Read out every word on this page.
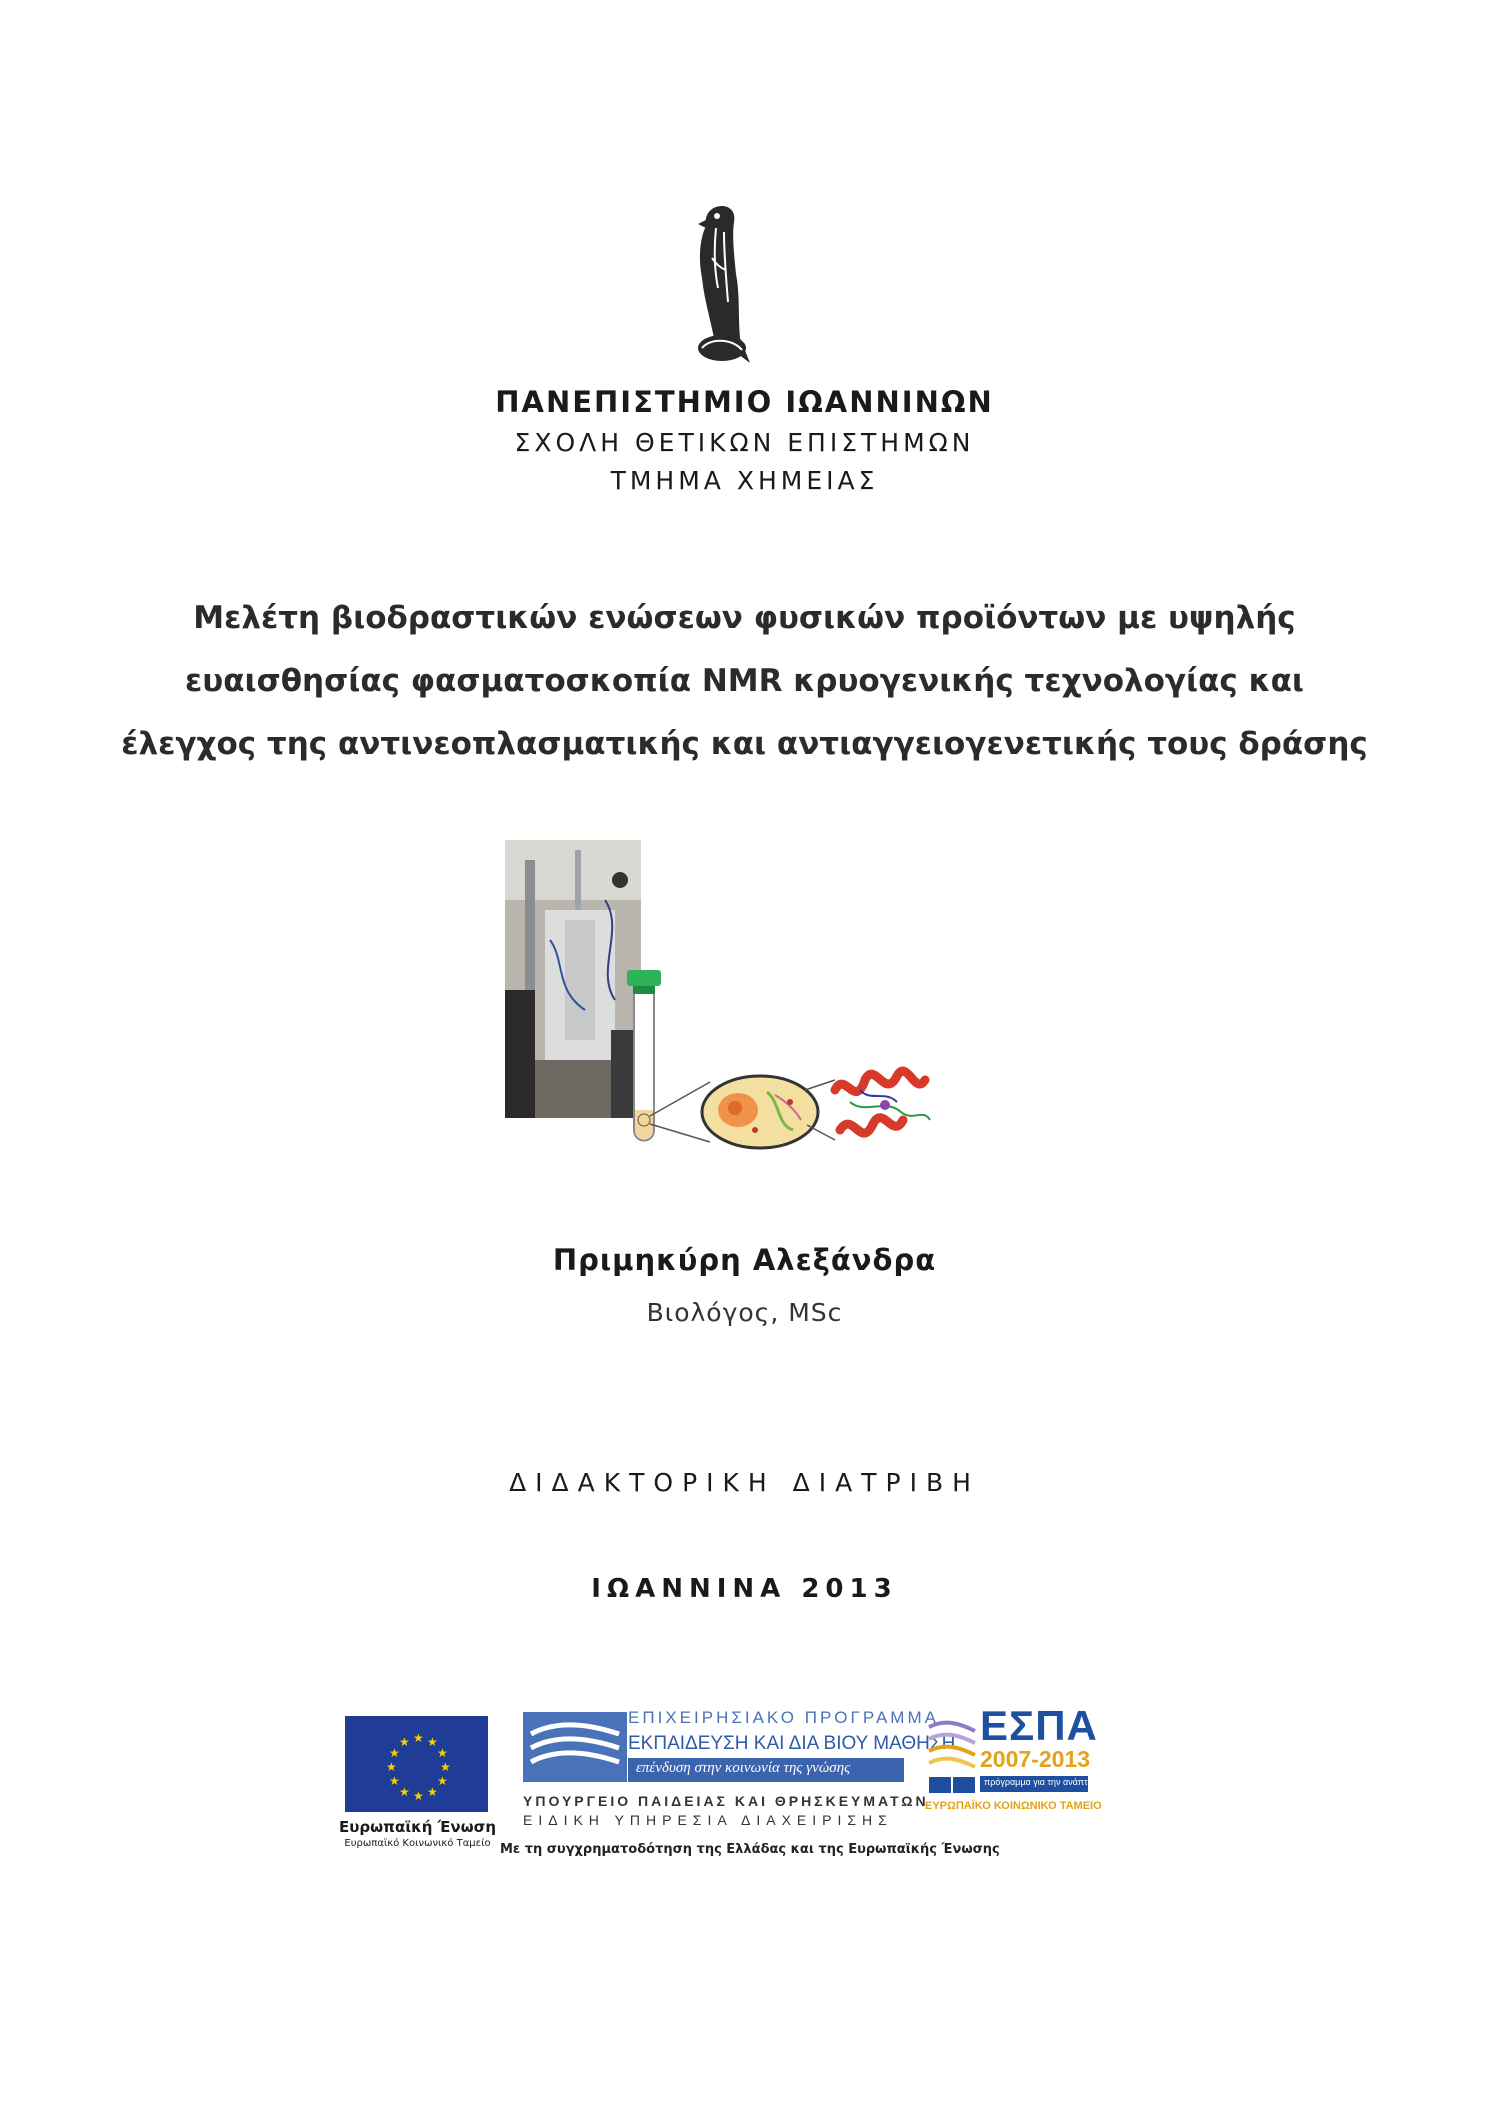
ΠΑΝΕΠΙΣΤΗΜΙΟ ΙΩΑΝΝΙΝΩΝ
ΣΧΟΛΗ ΘΕΤΙΚΩΝ ΕΠΙΣΤΗΜΩΝ
ΤΜΗΜΑ ΧΗΜΕΙΑΣ
Μελέτη βιοδραστικών ενώσεων φυσικών προϊόντων με υψηλής
ευαισθησίας φασματοσκοπία NMR κρυογενικής τεχνολογίας και
έλεγχος της αντινεοπλασματικής και αντιαγγειογενετικής τους δράσης
Πριμηκύρη Αλεξάνδρα
Βιολόγος, MSc
ΔΙΔΑΚΤΟΡΙΚΗ ΔΙΑΤΡΙΒΗ
ΙΩΑΝΝΙΝΑ 2013
★ ★
★
★
★
★
★
★
★
★
★
★
Ευρωπαϊκή Ένωση
Ευρωπαϊκό Κοινωνικό Ταμείο
ΕΠΙΧΕΙΡΗΣΙΑΚΟ ΠΡΟΓΡΑΜΜΑ
ΕΚΠΑΙΔΕΥΣΗ ΚΑΙ ΔΙΑ ΒΙΟΥ ΜΑΘΗΣΗ
επένδυση στην κοινωνία της γνώσης
ΥΠΟΥΡΓΕΙΟ ΠΑΙΔΕΙΑΣ ΚΑΙ ΘΡΗΣΚΕΥΜΑΤΩΝ
ΕΙΔΙΚΗ ΥΠΗΡΕΣΙΑ ΔΙΑΧΕΙΡΙΣΗΣ
Με τη συγχρηματοδότηση της Ελλάδας και της Ευρωπαϊκής Ένωσης
ΕΣΠΑ
2007-2013
πρόγραμμα για την ανάπτυξη
ΕΥΡΩΠΑΪΚΟ ΚΟΙΝΩΝΙΚΟ ΤΑΜΕΙΟ
